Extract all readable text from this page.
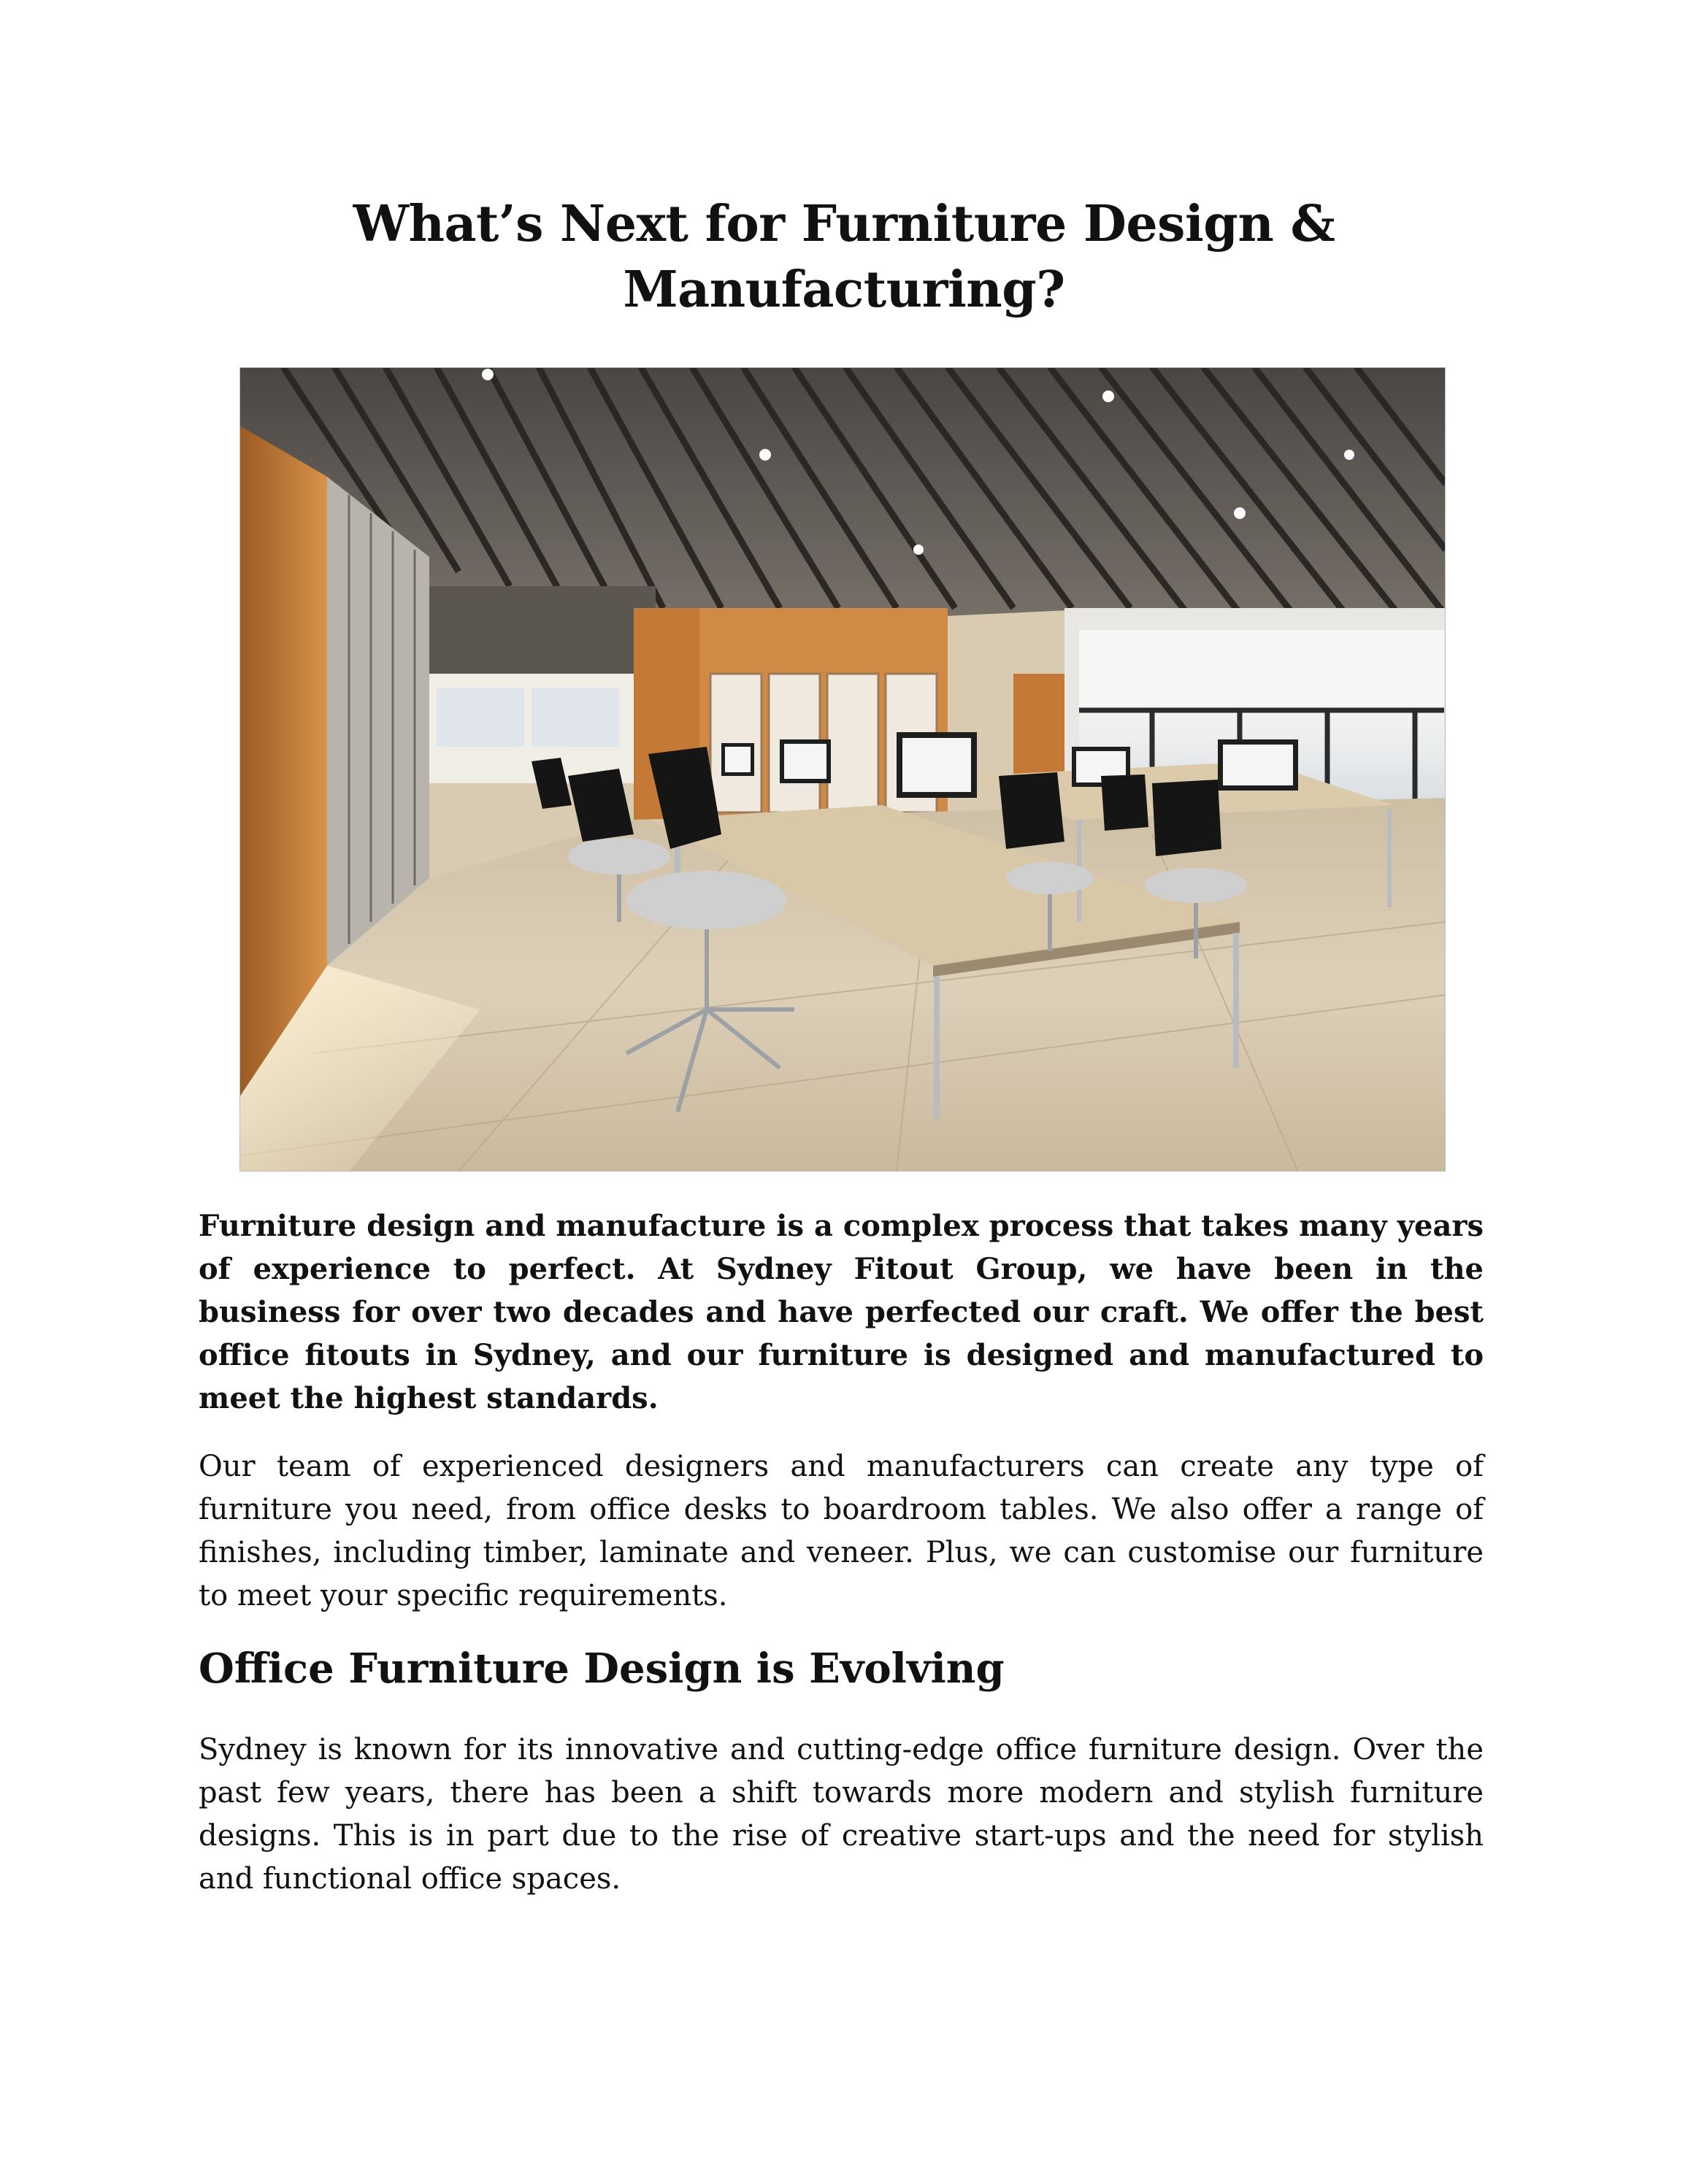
What’s Next for Furniture Design & Manufacturing?

Furniture design and manufacture is a complex process that takes many years of experience to perfect. At Sydney Fitout Group, we have been in the business for over two decades and have perfected our craft. We offer the best office fitouts in Sydney, and our furniture is designed and manufactured to meet the highest standards.

Our team of experienced designers and manufacturers can create any type of furniture you need, from office desks to boardroom tables. We also offer a range of finishes, including timber, laminate and veneer. Plus, we can customise our furniture to meet your specific requirements.

Office Furniture Design is Evolving

Sydney is known for its innovative and cutting-edge office furniture design. Over the past few years, there has been a shift towards more modern and stylish furniture designs. This is in part due to the rise of creative start-ups and the need for stylish and functional office spaces.
